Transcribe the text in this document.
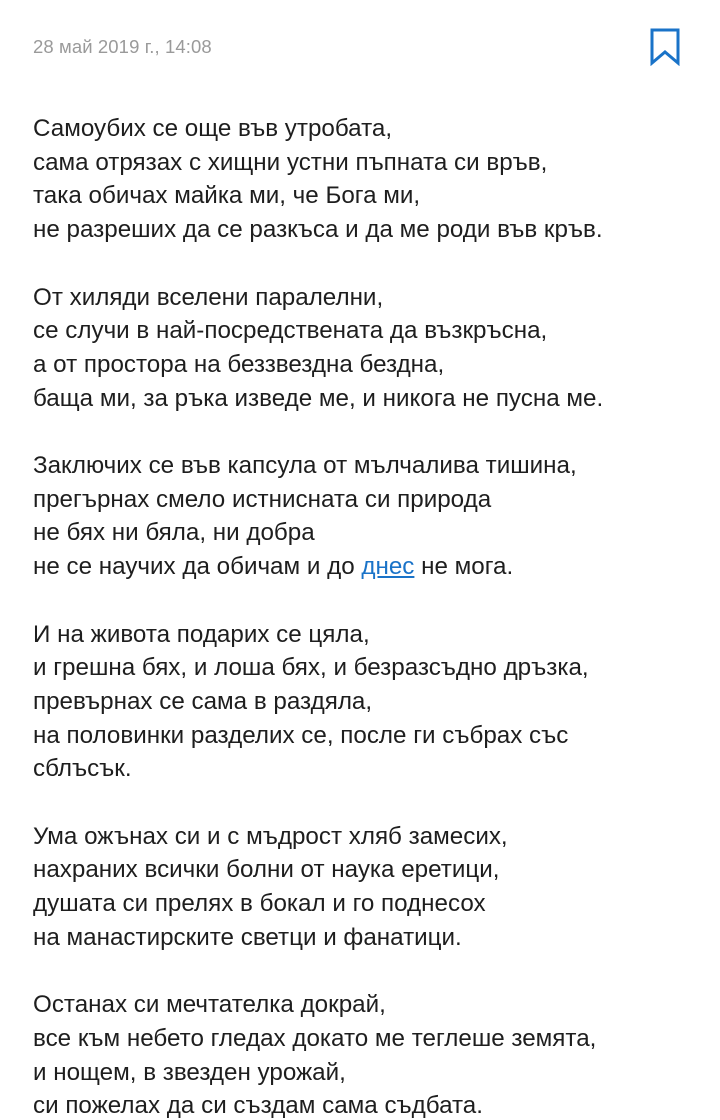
28 май 2019 г., 14:08
Самоубих се още във утробата,
сама отрязах с хищни устни пъпната си връв,
така обичах майка ми, че Бога ми,
не разреших да се разкъса и да ме роди във кръв.
От хиляди вселени паралелни,
се случи в най-посредствената да възкръсна,
а от простора на беззвездна бездна,
баща ми, за ръка изведе ме, и никога не пусна ме.
Заключих се във капсула от мълчалива тишина,
прегърнах смело истнисната си природа
не бях ни бяла, ни добра
не се научих да обичам и до днес не мога.
И на живота подарих се цяла,
и грешна бях, и лоша бях, и безразсъдно дръзка,
превърнах се сама в раздяла,
на половинки разделих се, после ги събрах със
сблъсък.
Ума ожънах си и с мъдрост хляб замесих,
нахраних всички болни от наука еретици,
душата си прелях в бокал и го поднесох
на манастирските светци и фанатици.
Останах си мечтателка докрай,
все към небето гледах докато ме теглеше земята,
и нощем, в звезден урожай,
си пожелах да си създам сама съдбата.
